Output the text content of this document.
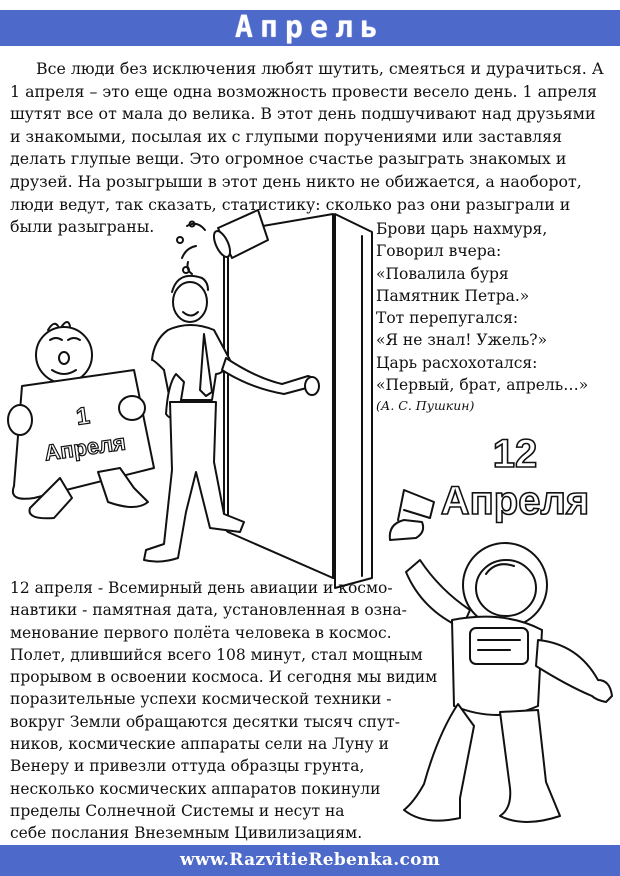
Апрель

Все люди без исключения любят шутить, смеяться и дурачиться. А 1 апреля – это еще одна возможность провести весело день. 1 апреля шутят все от мала до велика. В этот день подшучивают над друзьями и знакомыми, посылая их с глупыми поручениями или заставляя делать глупые вещи. Это огромное счастье разыграть знакомых и друзей. На розыгрыши в этот день никто не обижается, а наоборот, люди ведут, так сказать, статистику: сколько раз они разыграли и были разыграны.

1
Апреля
Брови царь нахмуря,
Говорил вчера:
«Повалила буря
Памятник Петра.»
Тот перепугался:
«Я не знал! Ужель?»
Царь расхохотался:
«Первый, брат, апрель…»
(А. С. Пушкин)
12
Апреля
12 апреля - Всемирный день авиации и космо-
навтики - памятная дата, установленная в озна-
менование первого полёта человека в космос.
Полет, длившийся всего 108 минут, стал мощным
прорывом в освоении космоса. И сегодня мы видим
поразительные успехи космической техники -
вокруг Земли обращаются десятки тысяч спут-
ников, космические аппараты сели на Луну и
Венеру и привезли оттуда образцы грунта,
несколько космических аппаратов покинули
пределы Солнечной Системы и несут на
себе послания Внеземным Цивилизациям.
www.RazvitieRebenka.com
